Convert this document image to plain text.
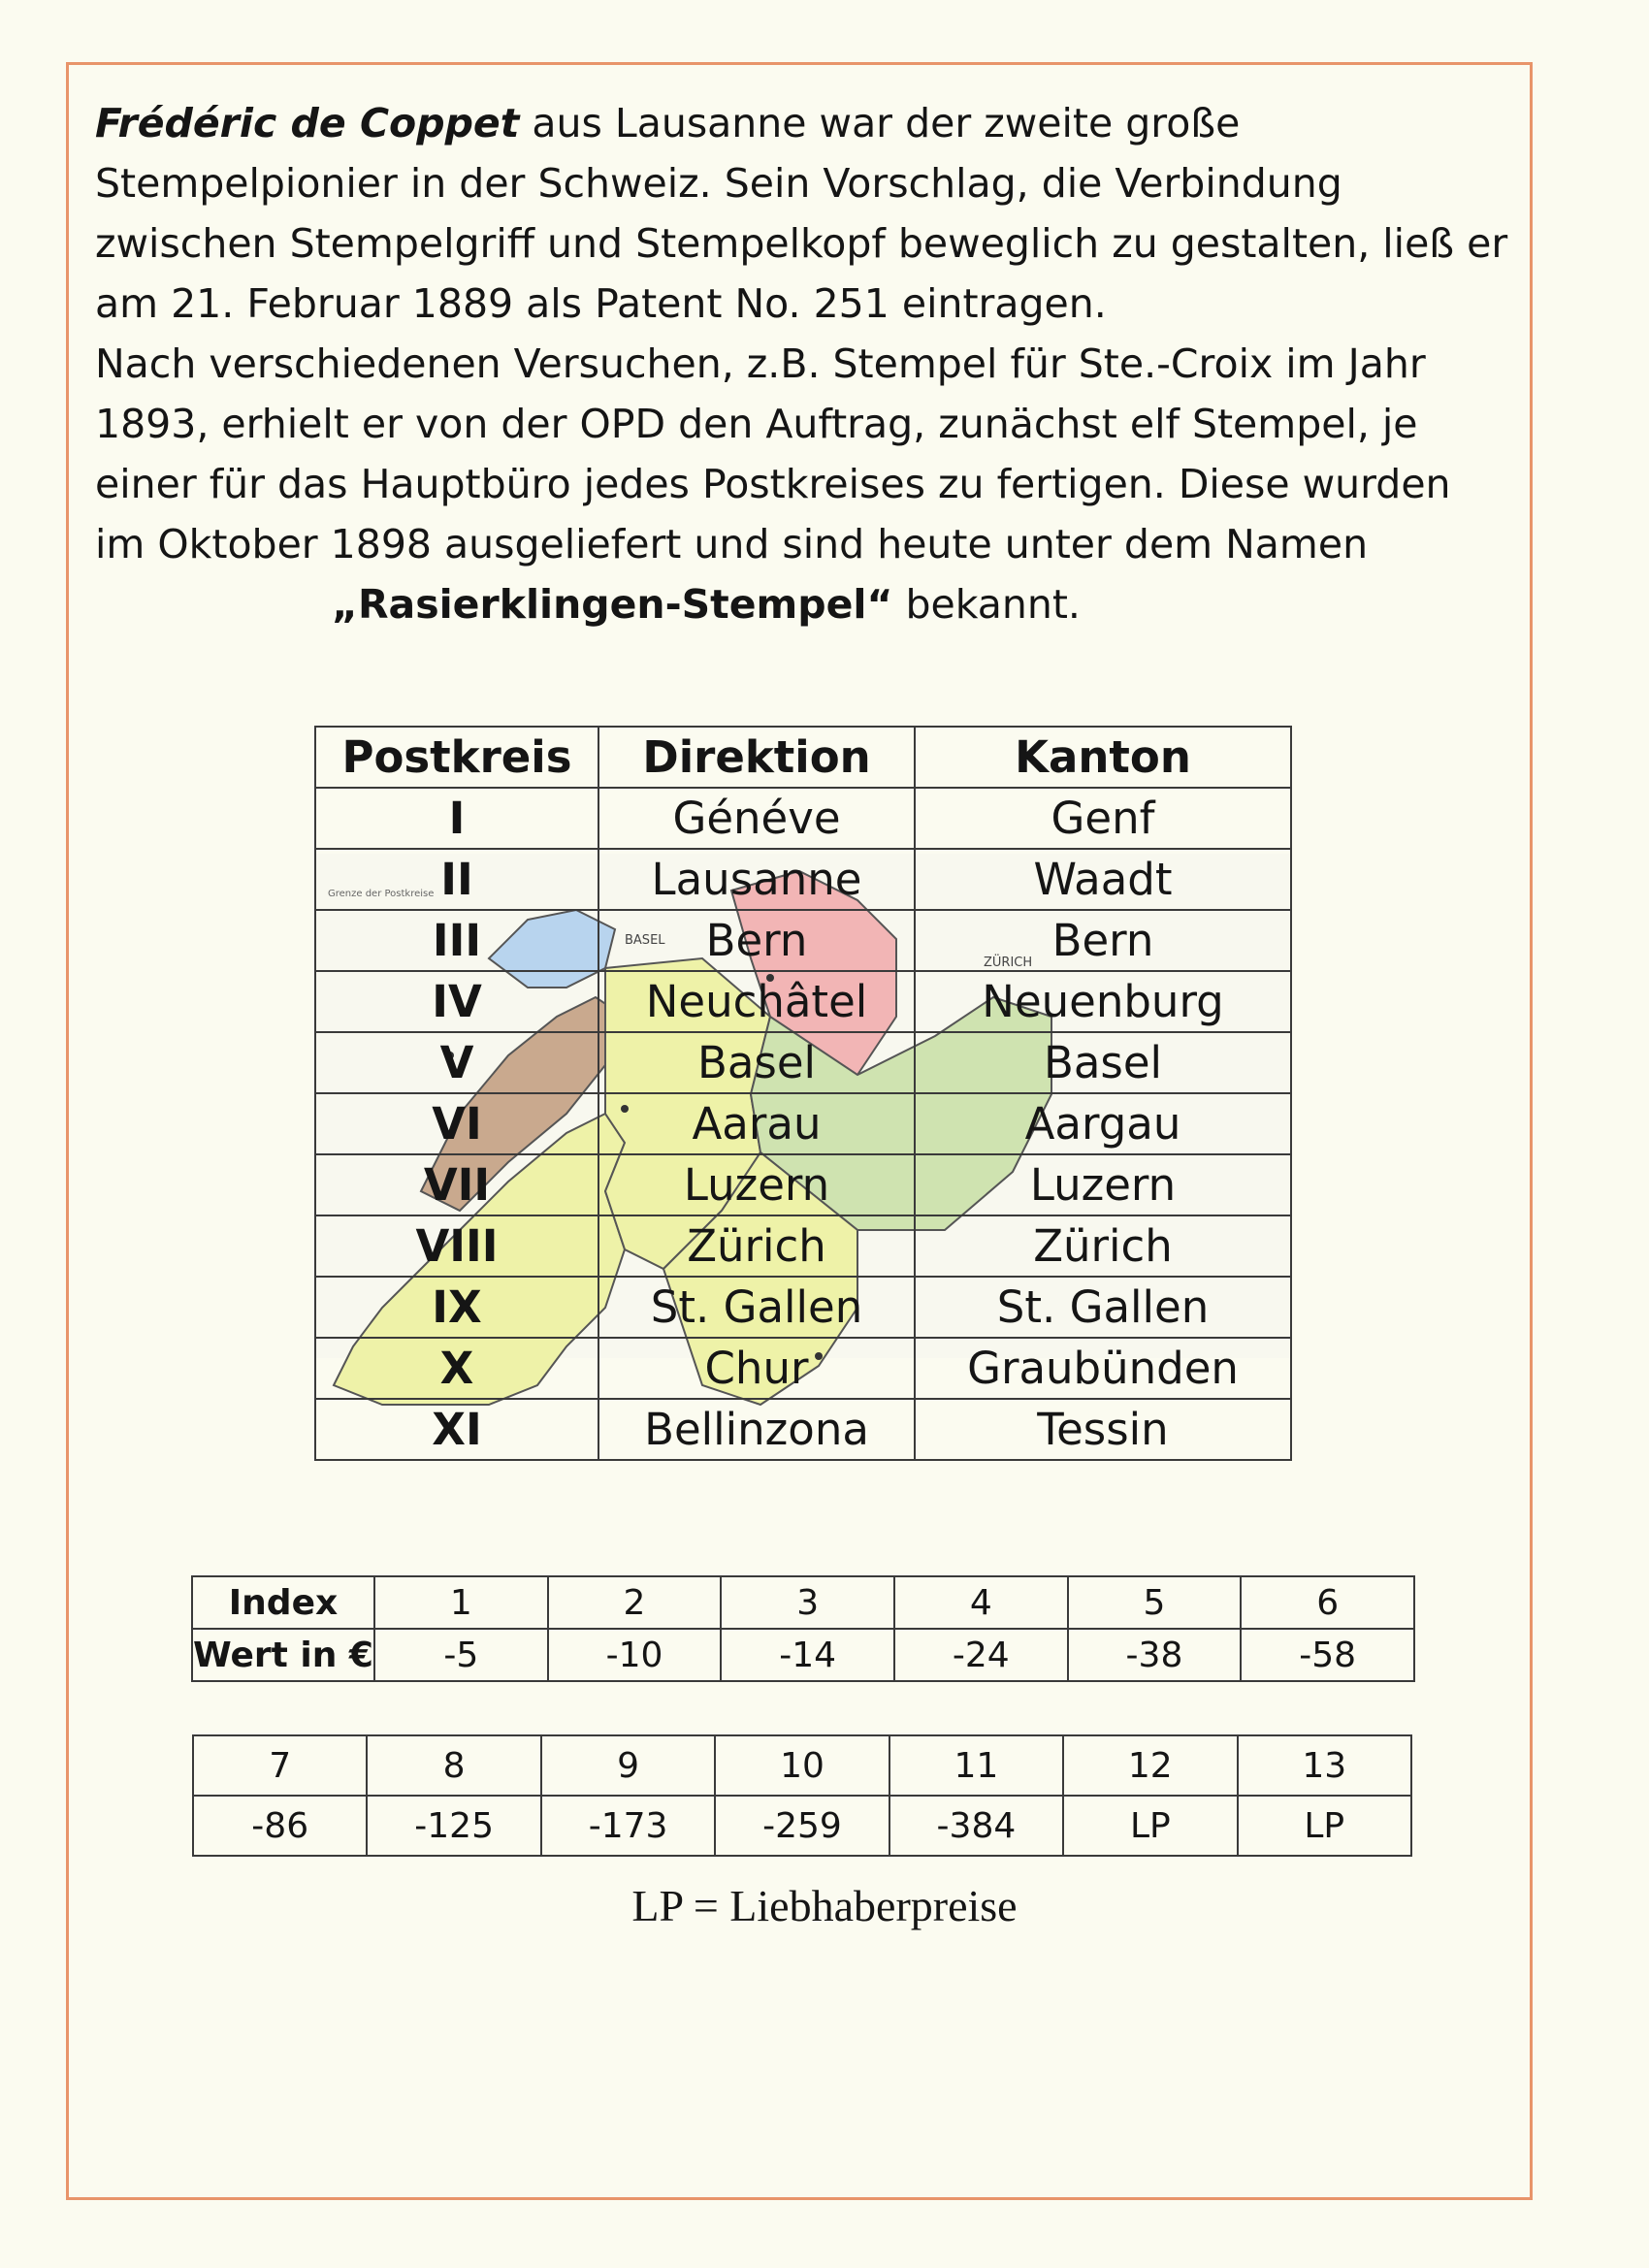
Frédéric de Coppet aus Lausanne war der zweite große Stempelpionier in der Schweiz. Sein Vorschlag, die Verbindung zwischen Stempelgriff und Stempelkopf beweglich zu gestalten, ließ er am 21. Februar 1889 als Patent No. 251 eintragen.

Nach verschiedenen Versuchen, z.B. Stempel für Ste.-Croix im Jahr 1893, erhielt er von der OPD den Auftrag, zunächst elf Stempel, je einer für das Hauptbüro jedes Postkreises zu fertigen. Diese wurden im Oktober 1898 ausgeliefert und sind heute unter dem Namen

„Rasierklingen-Stempel“ bekannt.

BASEL
ZÜRICH
Grenze der Postkreise
Postkreis	Direktion	Kanton
I	Généve	Genf
II	Lausanne	Waadt
III	Bern	Bern
IV	Neuchâtel	Neuenburg
V	Basel	Basel
VI	Aarau	Aargau
VII	Luzern	Luzern
VIII	Zürich	Zürich
IX	St. Gallen	St. Gallen
X	Chur	Graubünden
XI	Bellinzona	Tessin
Index	1	2	3	4	5	6
Wert in €	-5	-10	-14	-24	-38	-58
7	8	9	10	11	12	13
-86	-125	-173	-259	-384	LP	LP
LP = Liebhaberpreise
